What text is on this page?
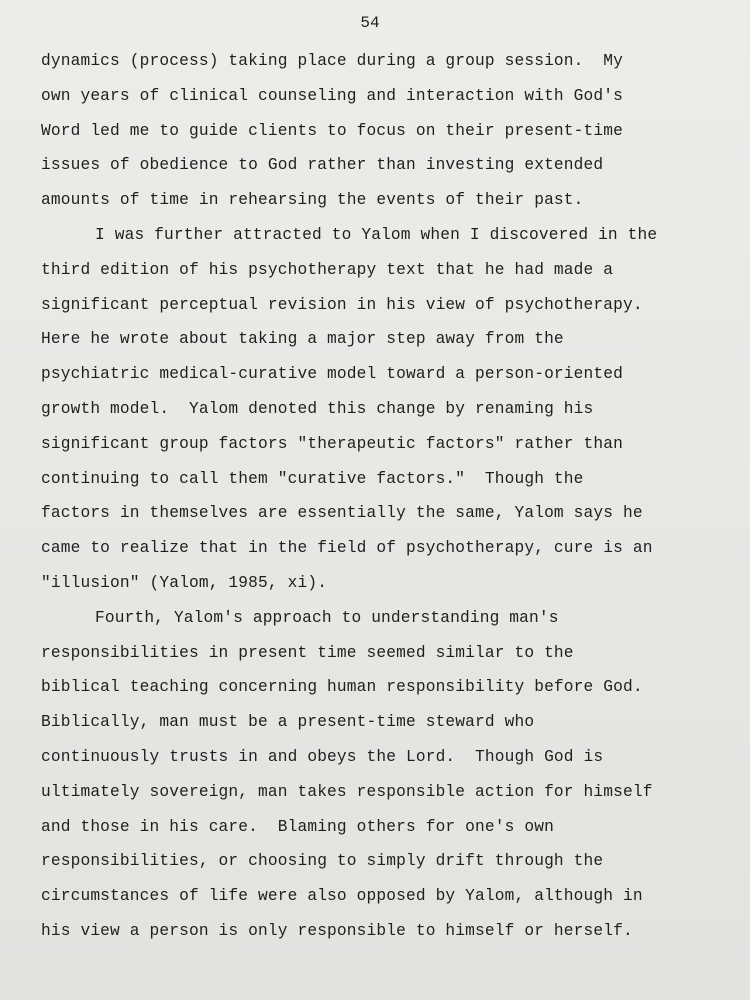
54
dynamics (process) taking place during a group session.  My
own years of clinical counseling and interaction with God's
Word led me to guide clients to focus on their present-time
issues of obedience to God rather than investing extended
amounts of time in rehearsing the events of their past.
I was further attracted to Yalom when I discovered in the
third edition of his psychotherapy text that he had made a
significant perceptual revision in his view of psychotherapy.
Here he wrote about taking a major step away from the
psychiatric medical-curative model toward a person-oriented
growth model.  Yalom denoted this change by renaming his
significant group factors "therapeutic factors" rather than
continuing to call them "curative factors."  Though the
factors in themselves are essentially the same, Yalom says he
came to realize that in the field of psychotherapy, cure is an
"illusion" (Yalom, 1985, xi).
Fourth, Yalom's approach to understanding man's
responsibilities in present time seemed similar to the
biblical teaching concerning human responsibility before God.
Biblically, man must be a present-time steward who
continuously trusts in and obeys the Lord.  Though God is
ultimately sovereign, man takes responsible action for himself
and those in his care.  Blaming others for one's own
responsibilities, or choosing to simply drift through the
circumstances of life were also opposed by Yalom, although in
his view a person is only responsible to himself or herself.
